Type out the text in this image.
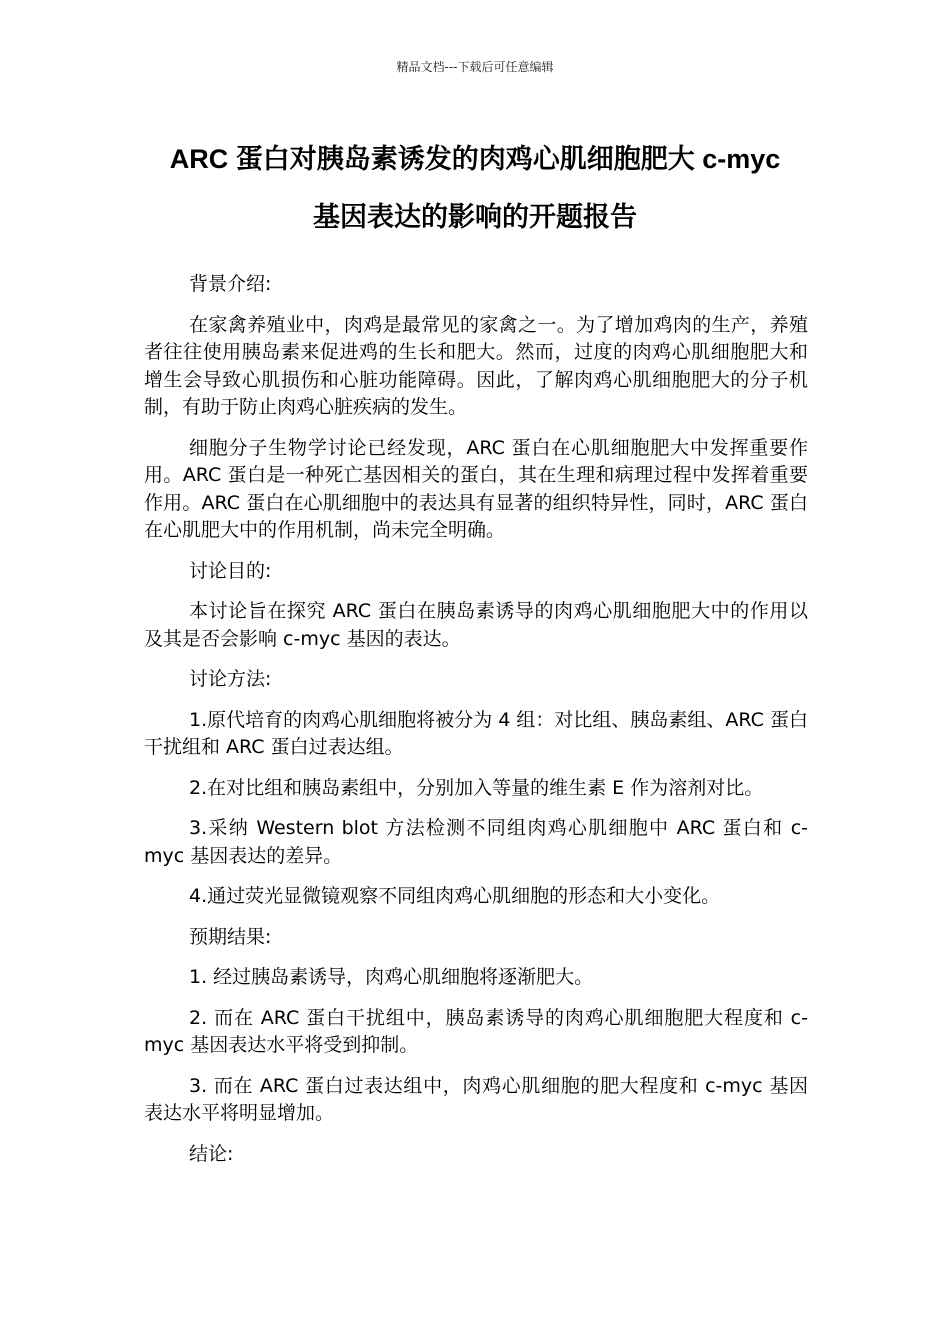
精品文档---下载后可任意编辑
ARC 蛋白对胰岛素诱发的肉鸡心肌细胞肥大 c-myc
基因表达的影响的开题报告

背景介绍:

在家禽养殖业中，肉鸡是最常见的家禽之一。为了增加鸡肉的生产，养殖者往往使用胰岛素来促进鸡的生长和肥大。然而，过度的肉鸡心肌细胞肥大和增生会导致心肌损伤和心脏功能障碍。因此，了解肉鸡心肌细胞肥大的分子机制，有助于防止肉鸡心脏疾病的发生。

细胞分子生物学讨论已经发现，ARC 蛋白在心肌细胞肥大中发挥重要作用。ARC 蛋白是一种死亡基因相关的蛋白，其在生理和病理过程中发挥着重要作用。ARC 蛋白在心肌细胞中的表达具有显著的组织特异性，同时，ARC 蛋白在心肌肥大中的作用机制，尚未完全明确。

讨论目的:

本讨论旨在探究 ARC 蛋白在胰岛素诱导的肉鸡心肌细胞肥大中的作用以及其是否会影响 c-myc 基因的表达。

讨论方法:

1.原代培育的肉鸡心肌细胞将被分为 4 组：对比组、胰岛素组、ARC 蛋白干扰组和 ARC 蛋白过表达组。

2.在对比组和胰岛素组中，分别加入等量的维生素 E 作为溶剂对比。

3.采纳 Western blot 方法检测不同组肉鸡心肌细胞中 ARC 蛋白和 c-myc 基因表达的差异。

4.通过荧光显微镜观察不同组肉鸡心肌细胞的形态和大小变化。

预期结果:

1. 经过胰岛素诱导，肉鸡心肌细胞将逐渐肥大。

2. 而在 ARC 蛋白干扰组中，胰岛素诱导的肉鸡心肌细胞肥大程度和 c-myc 基因表达水平将受到抑制。

3. 而在 ARC 蛋白过表达组中，肉鸡心肌细胞的肥大程度和 c-myc 基因表达水平将明显增加。

结论:
